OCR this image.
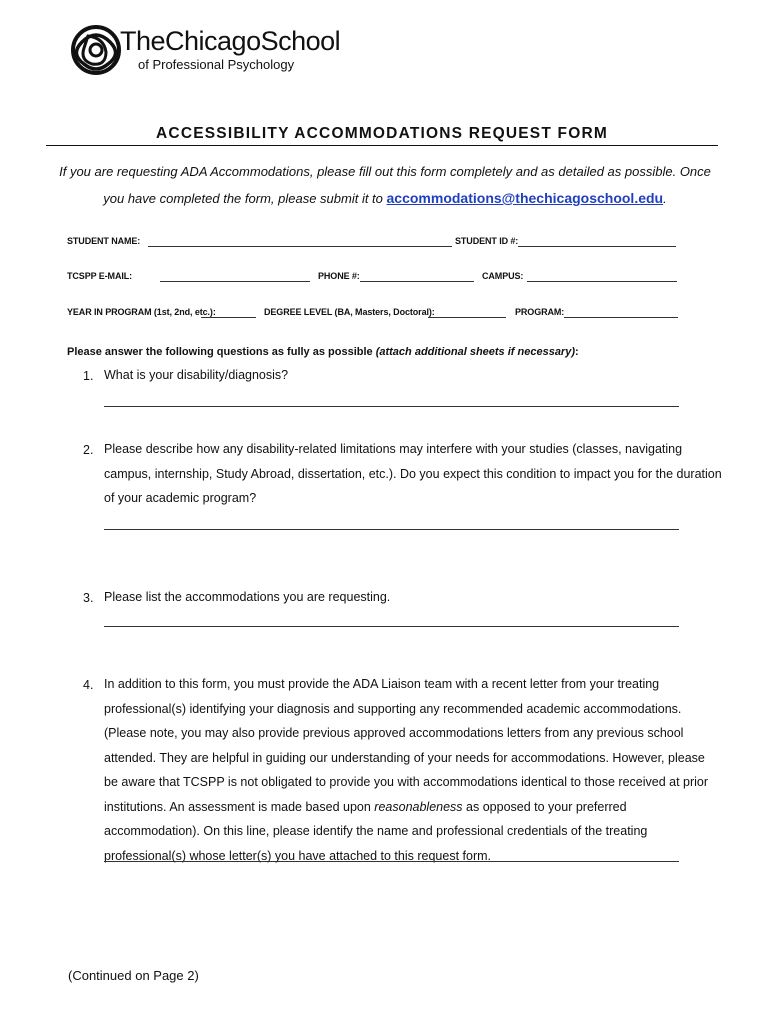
TheChicagoSchool
of Professional Psychology
ACCESSIBILITY ACCOMMODATIONS REQUEST FORM
If you are requesting ADA Accommodations, please fill out this form completely and as detailed as possible. Once
you have completed the form, please submit it to accommodations@thechicagoschool.edu.
STUDENT NAME:	STUDENT ID #:
TCSPP E-MAIL:	PHONE #:	CAMPUS:
YEAR IN PROGRAM (1st, 2nd, etc.):	DEGREE LEVEL (BA, Masters, Doctoral):	PROGRAM:
Please answer the following questions as fully as possible (attach additional sheets if necessary):
1. What is your disability/diagnosis?
2. Please describe how any disability-related limitations may interfere with your studies (classes, navigating campus, internship, Study Abroad, dissertation, etc.). Do you expect this condition to impact you for the duration of your academic program?
3. Please list the accommodations you are requesting.
4. In addition to this form, you must provide the ADA Liaison team with a recent letter from your treating professional(s) identifying your diagnosis and supporting any recommended academic accommodations. (Please note, you may also provide previous approved accommodations letters from any previous school attended. They are helpful in guiding our understanding of your needs for accommodations. However, please be aware that TCSPP is not obligated to provide you with accommodations identical to those received at prior institutions. An assessment is made based upon reasonableness as opposed to your preferred accommodation). On this line, please identify the name and professional credentials of the treating professional(s) whose letter(s) you have attached to this request form.
(Continued on Page 2)
